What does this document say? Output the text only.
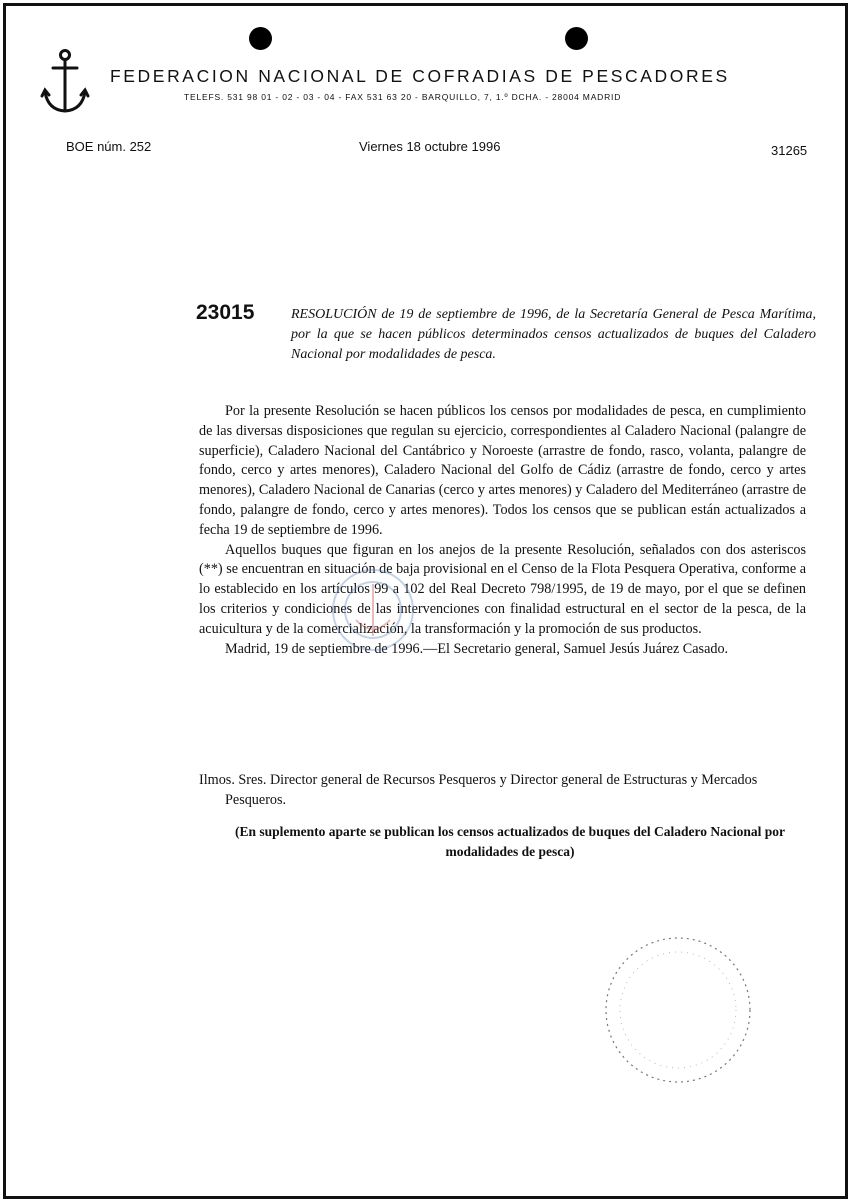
FEDERACION NACIONAL DE COFRADIAS DE PESCADORES
TELEFS. 531 98 01 - 02 - 03 - 04 - FAX 531 63 20 - BARQUILLO, 7, 1.º DCHA. - 28004 MADRID
BOE núm. 252	Viernes 18 octubre 1996	31265
23015	RESOLUCIÓN de 19 de septiembre de 1996, de la Secretaría General de Pesca Marítima, por la que se hacen públicos determinados censos actualizados de buques del Caladero Nacional por modalidades de pesca.

Por la presente Resolución se hacen públicos los censos por modalidades de pesca, en cumplimiento de las diversas disposiciones que regulan su ejercicio, correspondientes al Caladero Nacional (palangre de superficie), Caladero Nacional del Cantábrico y Noroeste (arrastre de fondo, rasco, volanta, palangre de fondo, cerco y artes menores), Caladero Nacional del Golfo de Cádiz (arrastre de fondo, cerco y artes menores), Caladero Nacional de Canarias (cerco y artes menores) y Caladero del Mediterráneo (arrastre de fondo, palangre de fondo, cerco y artes menores). Todos los censos que se publican están actualizados a fecha 19 de septiembre de 1996.

Aquellos buques que figuran en los anejos de la presente Resolución, señalados con dos asteriscos (**) se encuentran en situación de baja provisional en el Censo de la Flota Pesquera Operativa, conforme a lo establecido en los artículos 99 a 102 del Real Decreto 798/1995, de 19 de mayo, por el que se definen los criterios y condiciones de las intervenciones con finalidad estructural en el sector de la pesca, de la acuicultura y de la comercialización, la transformación y la promoción de sus productos.

Madrid, 19 de septiembre de 1996.—El Secretario general, Samuel Jesús Juárez Casado.

Ilmos. Sres. Director general de Recursos Pesqueros y Director general de Estructuras y Mercados Pesqueros.
(En suplemento aparte se publican los censos actualizados de buques del Caladero Nacional por modalidades de pesca)
